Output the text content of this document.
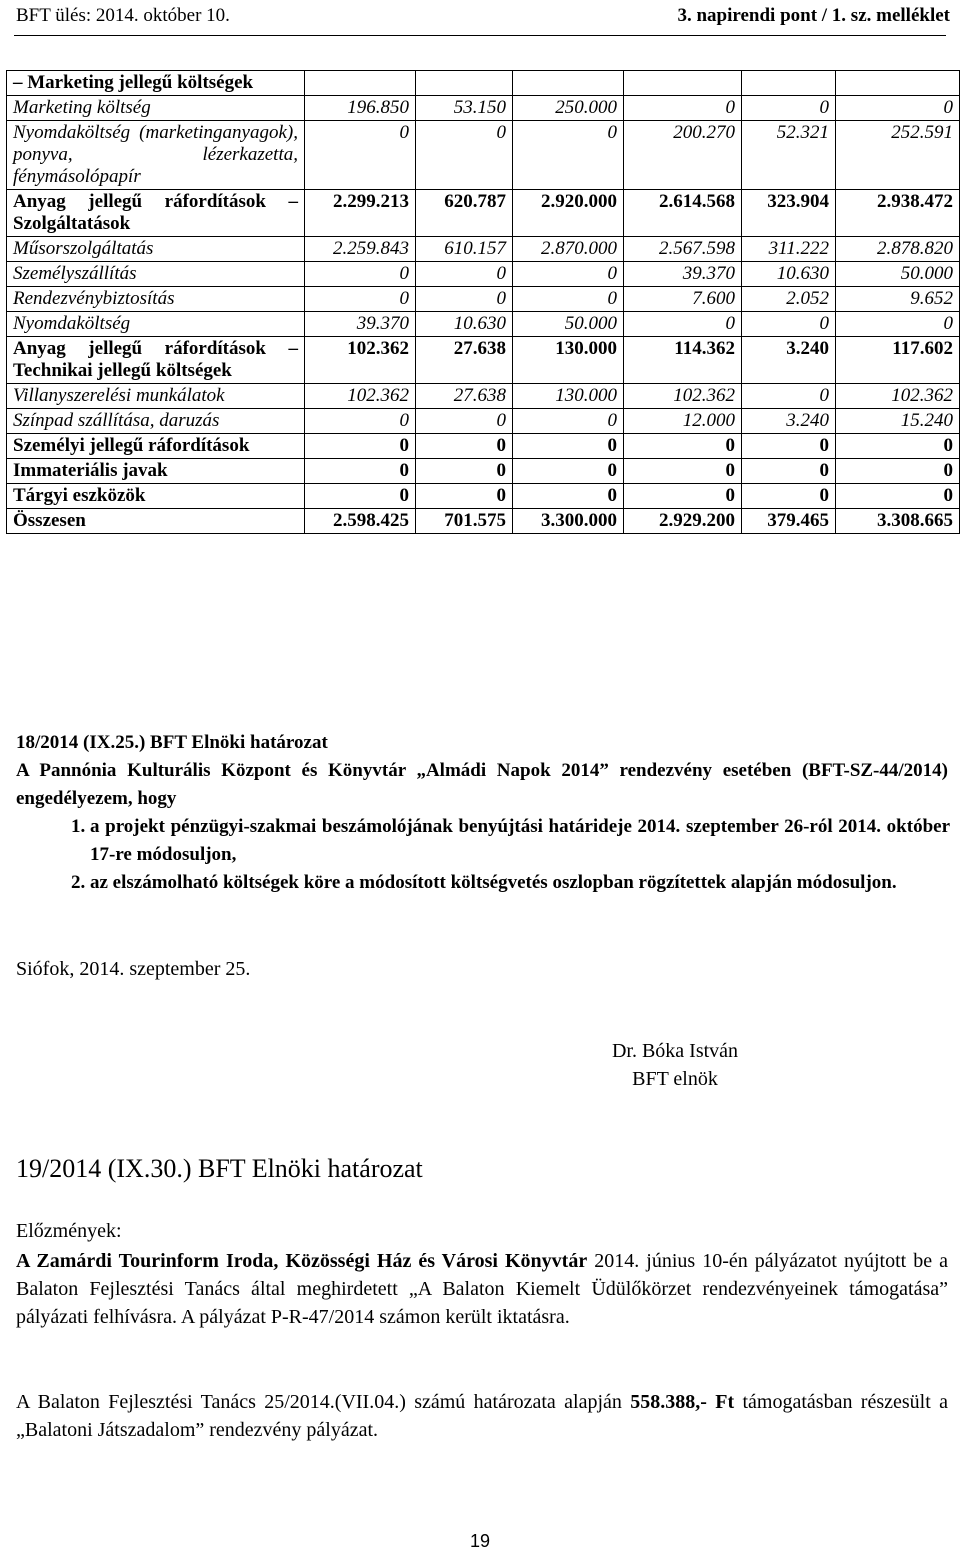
BFT ülés: 2014. október 10.	3. napirendi pont / 1. sz. melléklet
– Marketing jellegű költségek						
Marketing költség	196.850	53.150	250.000	0	0	0
Nyomdaköltség (marketinganyagok), ponyva, lézerkazetta, fénymásolópapír	0	0	0	200.270	52.321	252.591
Anyag jellegű ráfordítások – Szolgáltatások	2.299.213	620.787	2.920.000	2.614.568	323.904	2.938.472
Műsorszolgáltatás	2.259.843	610.157	2.870.000	2.567.598	311.222	2.878.820
Személyszállítás	0	0	0	39.370	10.630	50.000
Rendezvénybiztosítás	0	0	0	7.600	2.052	9.652
Nyomdaköltség	39.370	10.630	50.000	0	0	0
Anyag jellegű ráfordítások – Technikai jellegű költségek	102.362	27.638	130.000	114.362	3.240	117.602
Villanyszerelési munkálatok	102.362	27.638	130.000	102.362	0	102.362
Színpad szállítása, daruzás	0	0	0	12.000	3.240	15.240
Személyi jellegű ráfordítások	0	0	0	0	0	0
Immateriális javak	0	0	0	0	0	0
Tárgyi eszközök	0	0	0	0	0	0
Összesen	2.598.425	701.575	3.300.000	2.929.200	379.465	3.308.665
18/2014 (IX.25.) BFT Elnöki határozat
A Pannónia Kulturális Központ és Könyvtár „Almádi Napok 2014” rendezvény esetében (BFT-SZ-44/2014) engedélyezem, hogy
1. a projekt pénzügyi-szakmai beszámolójának benyújtási határideje 2014. szeptember 26-ról 2014. október 17-re módosuljon,
2. az elszámolható költségek köre a módosított költségvetés oszlopban rögzítettek alapján módosuljon.
Siófok, 2014. szeptember 25.
Dr. Bóka István
BFT elnök
19/2014 (IX.30.) BFT Elnöki határozat
Előzmények:
A Zamárdi Tourinform Iroda, Közösségi Ház és Városi Könyvtár 2014. június 10-én pályázatot nyújtott be a Balaton Fejlesztési Tanács által meghirdetett „A Balaton Kiemelt Üdülőkörzet rendezvényeinek támogatása” pályázati felhívásra. A pályázat P-R-47/2014 számon került iktatásra.
A Balaton Fejlesztési Tanács 25/2014.(VII.04.) számú határozata alapján 558.388,- Ft támogatásban részesült a „Balatoni Játszadalom” rendezvény pályázat.
19
